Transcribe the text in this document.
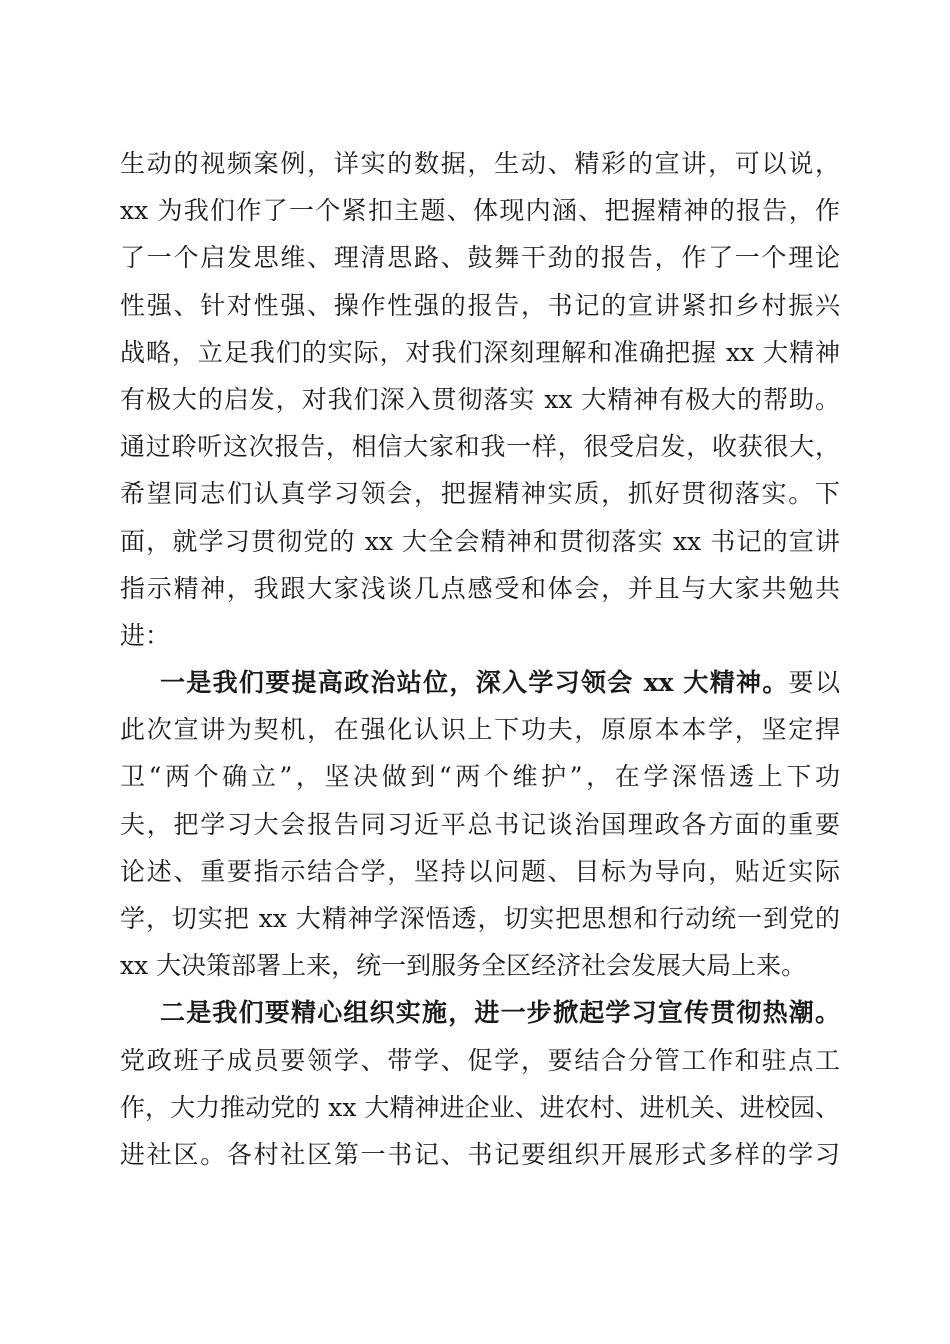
生动的视频案例，详实的数据，生动、精彩的宣讲，可以说，
xx 为我们作了一个紧扣主题、体现内涵、把握精神的报告，作
了一个启发思维、理清思路、鼓舞干劲的报告，作了一个理论
性强、针对性强、操作性强的报告，书记的宣讲紧扣乡村振兴
战略，立足我们的实际，对我们深刻理解和准确把握 xx 大精神
有极大的启发，对我们深入贯彻落实 xx 大精神有极大的帮助。
通过聆听这次报告，相信大家和我一样，很受启发，收获很大，
希望同志们认真学习领会，把握精神实质，抓好贯彻落实。下
面，就学习贯彻党的 xx 大全会精神和贯彻落实 xx 书记的宣讲
指示精神，我跟大家浅谈几点感受和体会，并且与大家共勉共
进：
一是我们要提高政治站位，深入学习领会 xx 大精神。要以
此次宣讲为契机，在强化认识上下功夫，原原本本学，坚定捍
卫“两个确立”，坚决做到“两个维护”，在学深悟透上下功
夫，把学习大会报告同习近平总书记谈治国理政各方面的重要
论述、重要指示结合学，坚持以问题、目标为导向，贴近实际
学，切实把 xx 大精神学深悟透，切实把思想和行动统一到党的
xx 大决策部署上来，统一到服务全区经济社会发展大局上来。
二是我们要精心组织实施，进一步掀起学习宣传贯彻热潮。
党政班子成员要领学、带学、促学，要结合分管工作和驻点工
作，大力推动党的 xx 大精神进企业、进农村、进机关、进校园、
进社区。各村社区第一书记、书记要组织开展形式多样的学习
